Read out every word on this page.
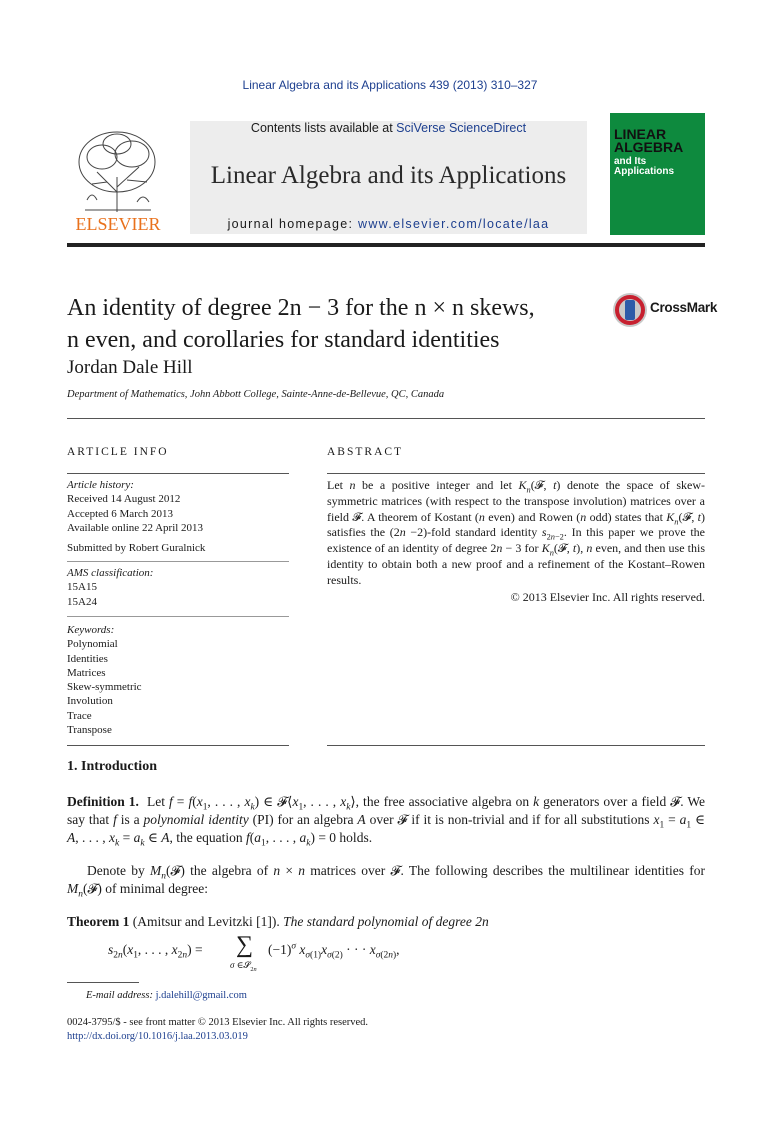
Linear Algebra and its Applications 439 (2013) 310–327
ELSEVIER
Contents lists available at SciVerse ScienceDirect
Linear Algebra and its Applications
journal homepage: www.elsevier.com/locate/laa
LINEAR
ALGEBRA
and Its
Applications
An identity of degree 2n − 3 for the n × n skews,
n even, and corollaries for standard identities
CrossMark
Jordan Dale Hill
Department of Mathematics, John Abbott College, Sainte-Anne-de-Bellevue, QC, Canada
ARTICLE INFO	ABSTRACT
Article history:
Received 14 August 2012
Accepted 6 March 2013
Available online 22 April 2013
Submitted by Robert Guralnick
AMS classification:
15A15
15A24
Keywords:
Polynomial
Identities
Matrices
Skew-symmetric
Involution
Trace
Transpose
Let n be a positive integer and let $K_n(𝓕$, t) denote the space of skew-symmetric matrices (with respect to the transpose involution) matrices over a field 𝓕. A theorem of Kostant (n even) and Rowen (n odd) states that $K_n(𝓕$, t) satisfies the (2n −2)-fold standard identity $s_{2n-2}$. In this paper we prove the existence of an identity of degree 2n − 3 for $K_n(𝓕$, t), n even, and then use this identity to obtain both a new proof and a refinement of the Kostant–Rowen results.
© 2013 Elsevier Inc. All rights reserved.
1. Introduction
Definition 1.  Let $f = f(x_1$, . . . , $x_k$) ∈ $𝓕⟨x_1$, . . . , $x_k⟩$, the free associative algebra on k generators over a field 𝓕. We say that f is a polynomial identity (PI) for an algebra A over 𝓕 if it is non-trivial and if for all substitutions $x_1 = a_1$ ∈ A, . . . , $x_k = a_k$ ∈ A, the equation $f(a_1$, . . . , $a_k) = 0$ holds.
Denote by $M_n(𝓕)$ the algebra of n × n matrices over 𝓕. The following describes the multilinear identities for $M_n(𝓕)$ of minimal degree:
Theorem 1 (Amitsur and Levitzki [1]). The standard polynomial of degree 2n
$s_{2n}(x_1$, . . . , $x_{2n}$) = ∑
σ ∈𝓢$_{2n}$
$(-1)^\sigma$ $x_{\sigma(1)}x_{\sigma(2)}$ · · · $x_{\sigma(2n)}$,
E-mail address: j.dalehill@gmail.com
0024-3795/$ - see front matter © 2013 Elsevier Inc. All rights reserved.
http://dx.doi.org/10.1016/j.laa.2013.03.019
